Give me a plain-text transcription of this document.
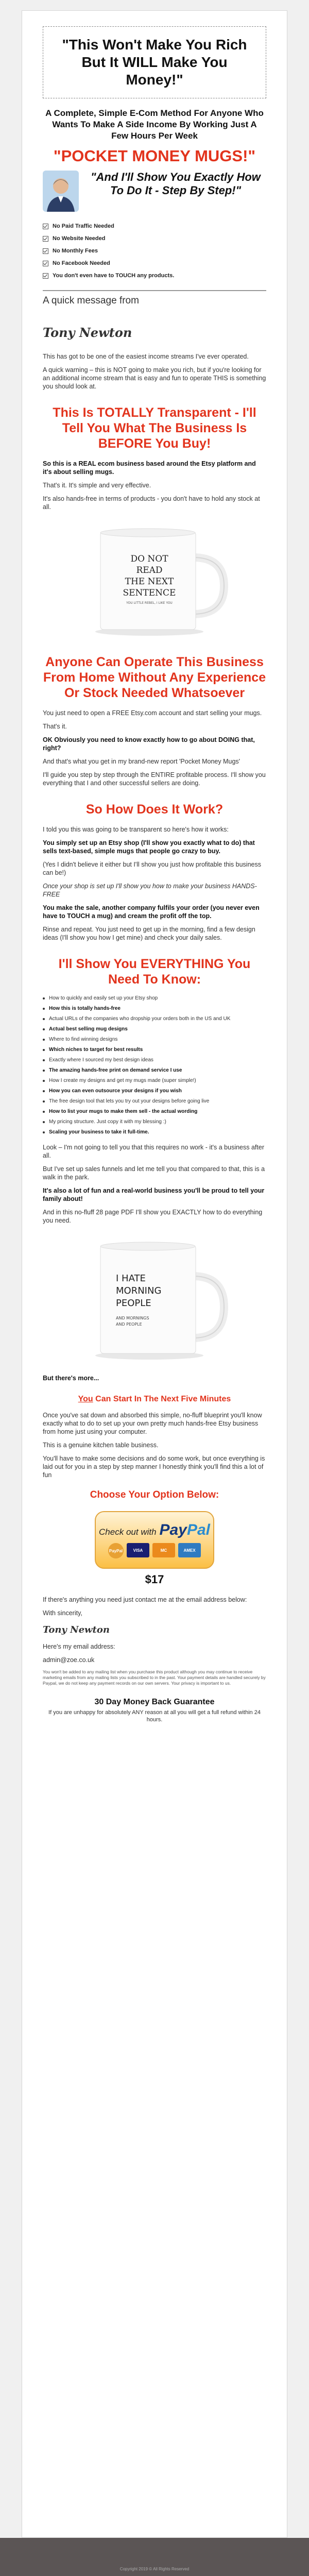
"This Won't Make You Rich But It WILL Make You Money!"
A Complete, Simple E-Com Method For Anyone Who Wants To Make A Side Income By Working Just A Few Hours Per Week
"POCKET MONEY MUGS!"
"And I'll Show You Exactly How To Do It - Step By Step!"
No Paid Traffic Needed
No Website Needed
No Monthly Fees
No Facebook Needed
You don't even have to TOUCH any products.
A quick message from
Tony Newton

This has got to be one of the easiest income streams I've ever operated.

A quick warning – this is NOT going to make you rich, but if you're looking for an additional income stream that is easy and fun to operate THIS is something you should look at.

This Is TOTALLY Transparent - I'll Tell You What The Business Is BEFORE You Buy!

So this is a REAL ecom business based around the Etsy platform and it's about selling mugs.

That's it. It's simple and very effective.

It's also hands-free in terms of products - you don't have to hold any stock at all.

DO NOT
READ
THE NEXT
SENTENCE
YOU LITTLE REBEL, I LIKE YOU
Anyone Can Operate This Business From Home Without Any Experience Or Stock Needed Whatsoever

You just need to open a FREE Etsy.com account and start selling your mugs.

That's it.

OK Obviously you need to know exactly how to go about DOING that, right?

And that's what you get in my brand-new report 'Pocket Money Mugs'

I'll guide you step by step through the ENTIRE profitable process. I'll show you everything that I and other successful sellers are doing.

So How Does It Work?

I told you this was going to be transparent so here's how it works:

You simply set up an Etsy shop (I'll show you exactly what to do) that sells text-based, simple mugs that people go crazy to buy.

(Yes I didn't believe it either but I'll show you just how profitable this business can be!)

Once your shop is set up I'll show you how to make your business HANDS-FREE

You make the sale, another company fulfils your order (you never even have to TOUCH a mug) and cream the profit off the top.

Rinse and repeat. You just need to get up in the morning, find a few design ideas (I'll show you how I get mine) and check your daily sales.

I'll Show You EVERYTHING You Need To Know:
How to quickly and easily set up your Etsy shop
How this is totally hands-free
Actual URLs of the companies who dropship your orders both in the US and UK
Actual best selling mug designs
Where to find winning designs
Which niches to target for best results
Exactly where I sourced my best design ideas
The amazing hands-free print on demand service I use
How I create my designs and get my mugs made (super simple!)
How you can even outsource your designs if you wish
The free design tool that lets you try out your designs before going live
How to list your mugs to make them sell - the actual wording
My pricing structure. Just copy it with my blessing :)
Scaling your business to take it full-time.

Look – I'm not going to tell you that this requires no work - it's a business after all.

But I've set up sales funnels and let me tell you that compared to that, this is a walk in the park.

It's also a lot of fun and a real-world business you'll be proud to tell your family about!

And in this no-fluff 28 page PDF I'll show you EXACTLY how to do everything you need.

I HATE
MORNING
PEOPLE
AND MORNINGS
AND PEOPLE

But there's more...

You Can Start In The Next Five Minutes

Once you've sat down and absorbed this simple, no-fluff blueprint you'll know exactly what to do to set up your own pretty much hands-free Etsy business from home just using your computer.

This is a genuine kitchen table business.

You'll have to make some decisions and do some work, but once everything is laid out for you in a step by step manner I honestly think you'll find this a lot of fun

Choose Your Option Below:
Check out with PayPal
PayPal	VISA	MC	AMEX
$17

If there's anything you need just contact me at the email address below:

With sincerity,

Tony Newton

Here's my email address:

admin@zoe.co.uk

You won't be added to any mailing list when you purchase this product although you may continue to receive marketing emails from any mailing lists you subscribed to in the past. Your payment details are handled securely by Paypal, we do not keep any payment records on our own servers. Your privacy is important to us.
30 Day Money Back Guarantee
If you are unhappy for absolutely ANY reason at all you will get a full refund within 24 hours.
Copyright 2019 © All Rights Reserved
